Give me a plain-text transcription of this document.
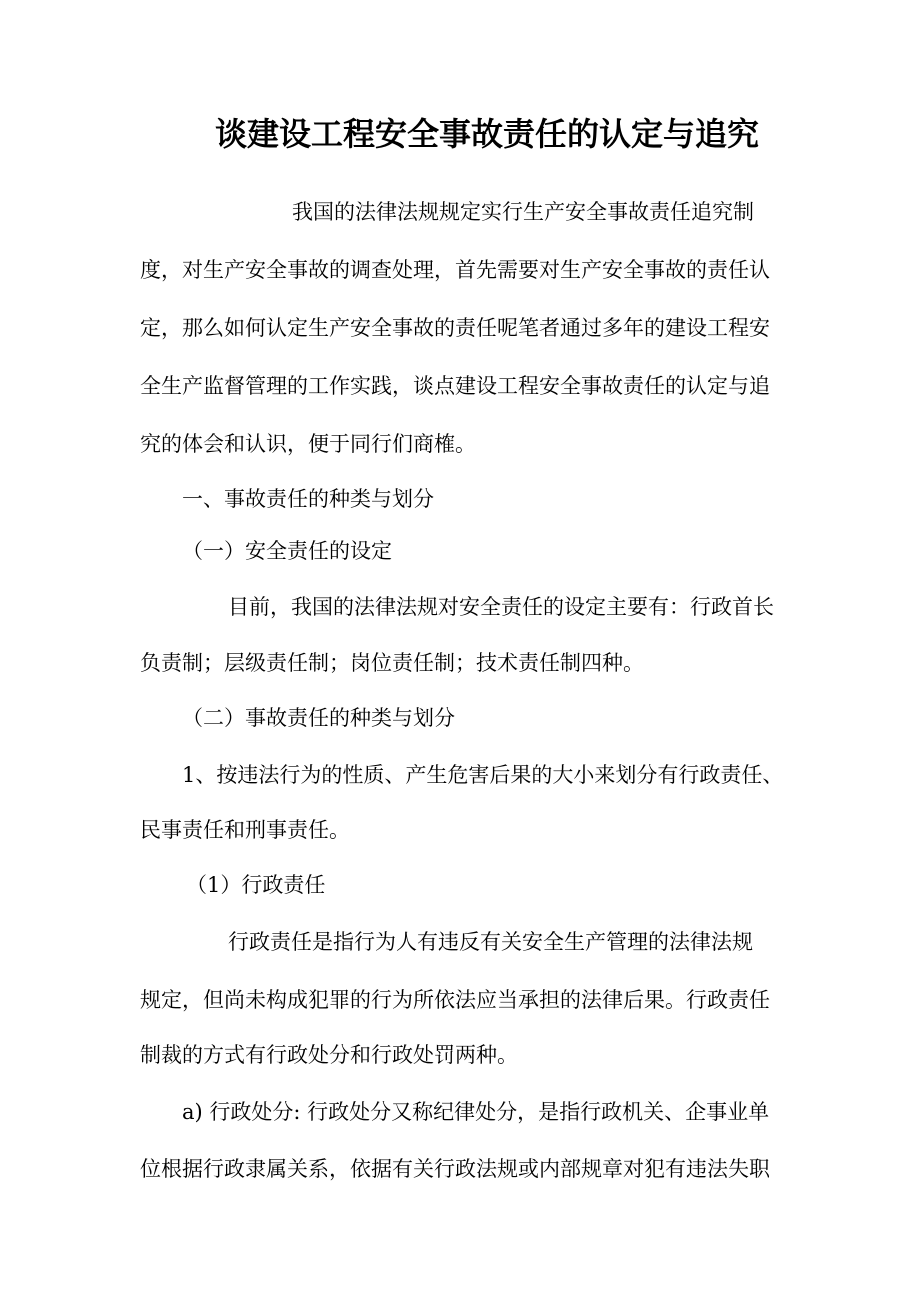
谈建设工程安全事故责任的认定与追究
我国的法律法规规定实行生产安全事故责任追究制
度，对生产安全事故的调查处理，首先需要对生产安全事故的责任认
定，那么如何认定生产安全事故的责任呢笔者通过多年的建设工程安
全生产监督管理的工作实践，谈点建设工程安全事故责任的认定与追
究的体会和认识，便于同行们商榷。
一、事故责任的种类与划分
（一）安全责任的设定
目前，我国的法律法规对安全责任的设定主要有：行政首长
负责制；层级责任制；岗位责任制；技术责任制四种。
（二）事故责任的种类与划分
1、按违法行为的性质、产生危害后果的大小来划分有行政责任、
民事责任和刑事责任。
（1）行政责任
行政责任是指行为人有违反有关安全生产管理的法律法规
规定，但尚未构成犯罪的行为所依法应当承担的法律后果。行政责任
制裁的方式有行政处分和行政处罚两种。
a) 行政处分: 行政处分又称纪律处分，是指行政机关、企事业单
位根据行政隶属关系，依据有关行政法规或内部规章对犯有违法失职
